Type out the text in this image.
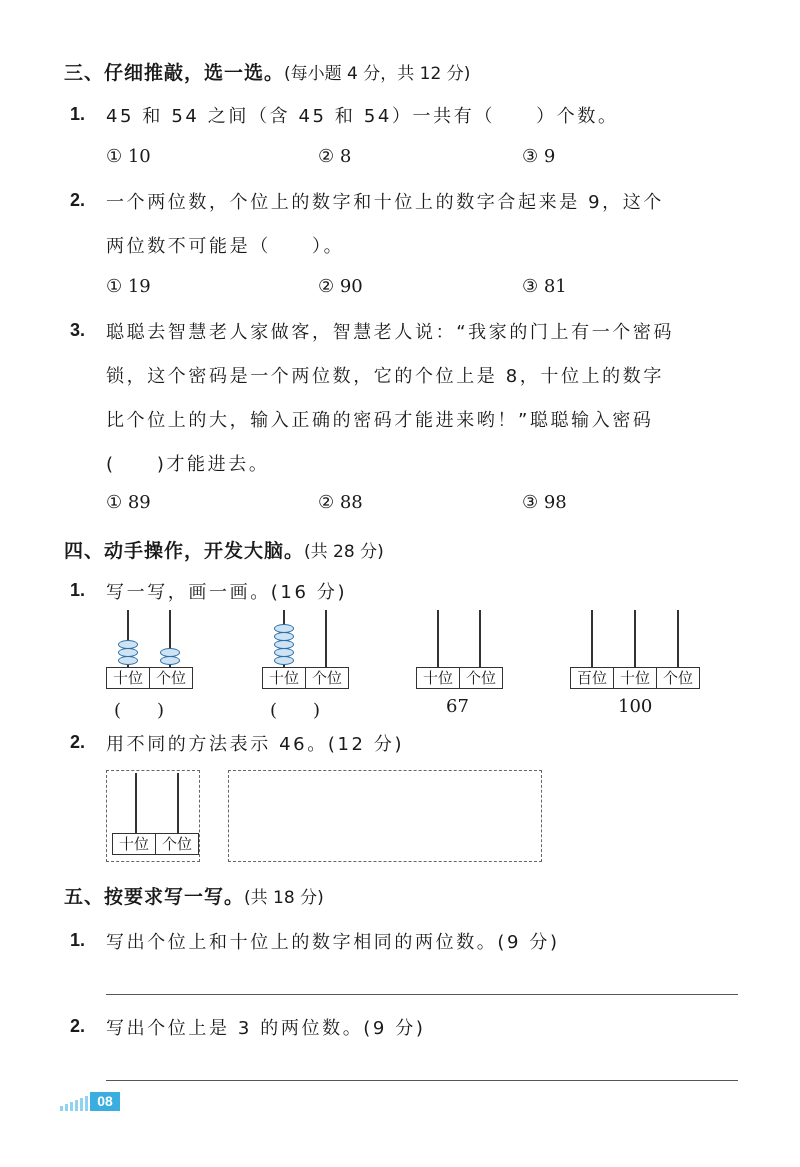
三、仔细推敲，选一选。(每小题 4 分，共 12 分)
1. 45 和 54 之间（含 45 和 54）一共有（　　）个数。
① 10	② 8	③ 9
2. 一个两位数，个位上的数字和十位上的数字合起来是 9，这个
两位数不可能是（　　）。
① 19	② 90	③ 81
3. 聪聪去智慧老人家做客，智慧老人说：“我家的门上有一个密码
锁，这个密码是一个两位数，它的个位上是 8，十位上的数字
比个位上的大，输入正确的密码才能进来哟！”聪聪输入密码
(　　)才能进去。
① 89	② 88	③ 98
四、动手操作，开发大脑。(共 28 分)
1. 写一写，画一画。(16 分)
十位 个位
(　　)
十位 个位
(　　)
十位 个位
67
百位 十位 个位
100
2. 用不同的方法表示 46。(12 分)
十位 个位
五、按要求写一写。(共 18 分)
1. 写出个位上和十位上的数字相同的两位数。(9 分)
2. 写出个位上是 3 的两位数。(9 分)
08
